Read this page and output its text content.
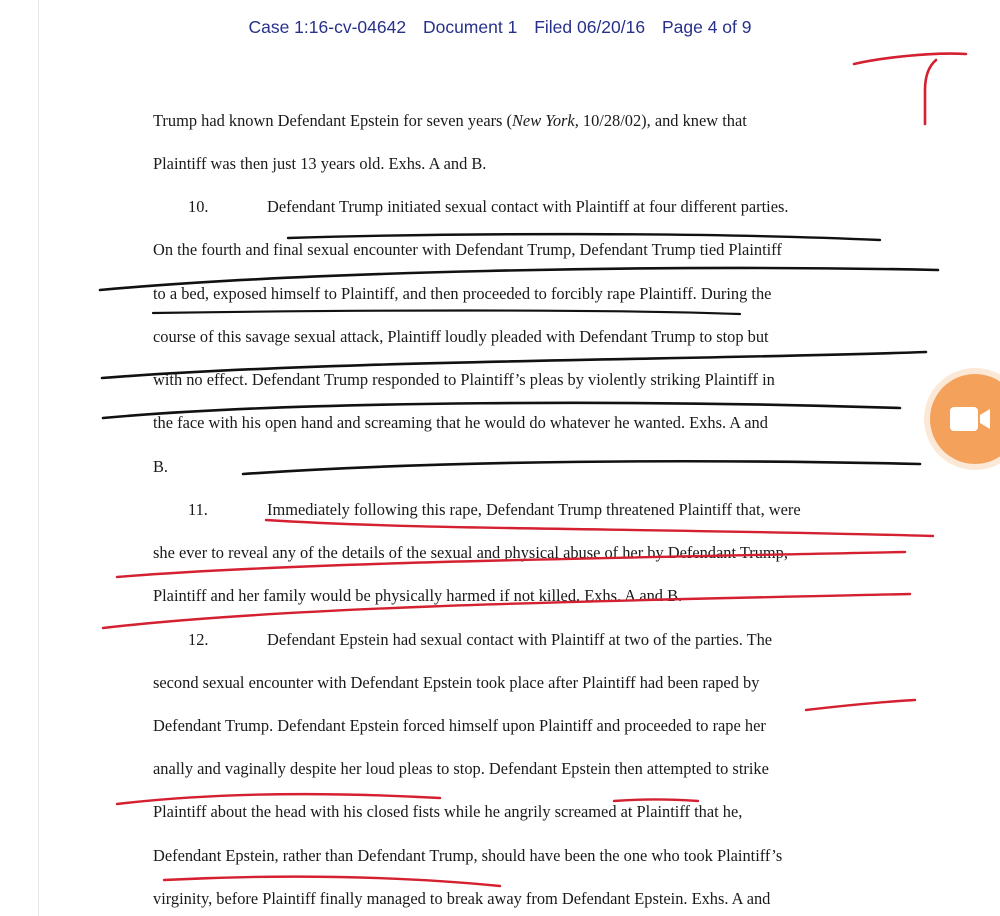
Case 1:16-cv-04642 Document 1 Filed 06/20/16 Page 4 of 9
Trump had known Defendant Epstein for seven years (New York, 10/28/02), and knew that
Plaintiff was then just 13 years old. Exhs. A and B.
10.	Defendant Trump initiated sexual contact with Plaintiff at four different parties.
On the fourth and final sexual encounter with Defendant Trump, Defendant Trump tied Plaintiff
to a bed, exposed himself to Plaintiff, and then proceeded to forcibly rape Plaintiff. During the
course of this savage sexual attack, Plaintiff loudly pleaded with Defendant Trump to stop but
with no effect. Defendant Trump responded to Plaintiff’s pleas by violently striking Plaintiff in
the face with his open hand and screaming that he would do whatever he wanted. Exhs. A and
B.
11.	Immediately following this rape, Defendant Trump threatened Plaintiff that, were
she ever to reveal any of the details of the sexual and physical abuse of her by Defendant Trump,
Plaintiff and her family would be physically harmed if not killed. Exhs. A and B.
12.	Defendant Epstein had sexual contact with Plaintiff at two of the parties. The
second sexual encounter with Defendant Epstein took place after Plaintiff had been raped by
Defendant Trump. Defendant Epstein forced himself upon Plaintiff and proceeded to rape her
anally and vaginally despite her loud pleas to stop. Defendant Epstein then attempted to strike
Plaintiff about the head with his closed fists while he angrily screamed at Plaintiff that he,
Defendant Epstein, rather than Defendant Trump, should have been the one who took Plaintiff’s
virginity, before Plaintiff finally managed to break away from Defendant Epstein. Exhs. A and
